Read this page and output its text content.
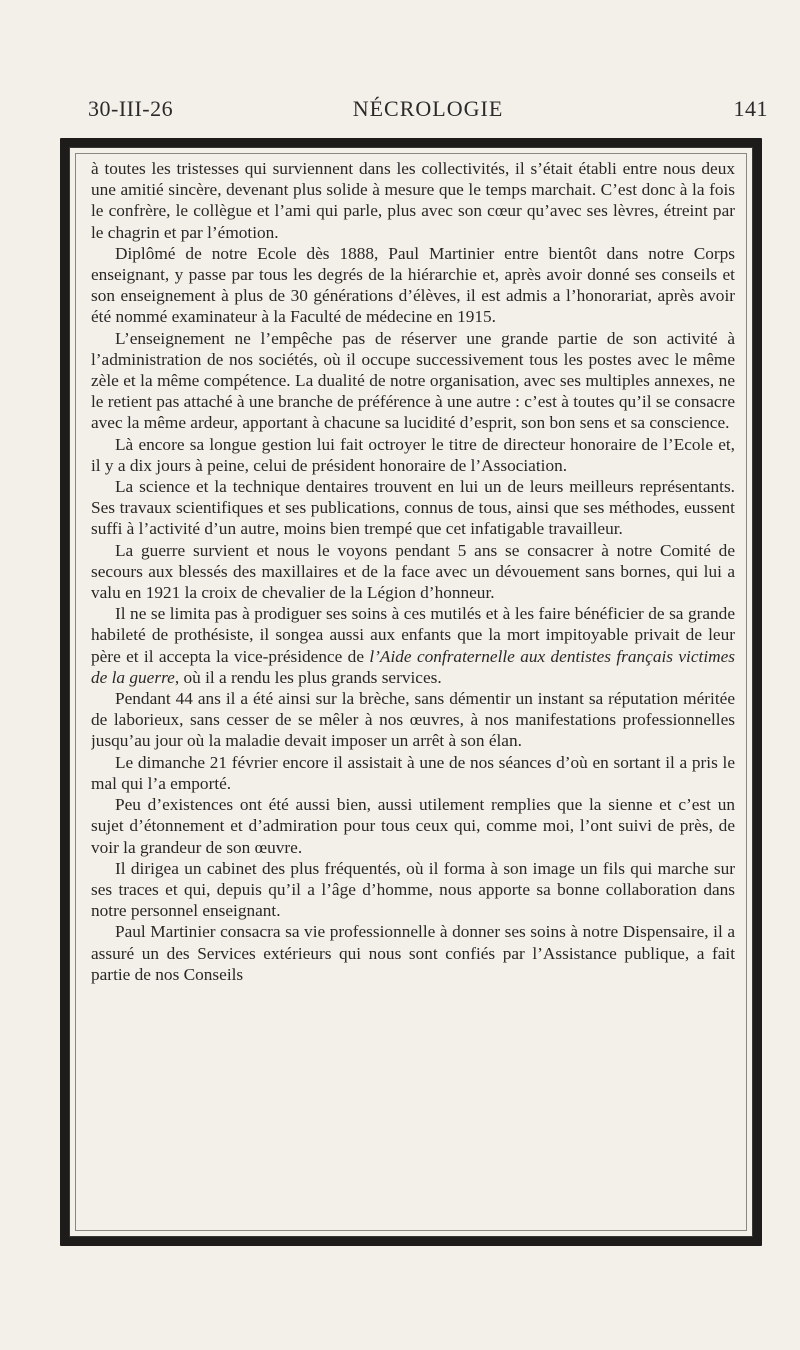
30-III-26	NÉCROLOGIE	141

à toutes les tristesses qui surviennent dans les collectivités, il s’était établi entre nous deux une amitié sincère, devenant plus solide à mesure que le temps marchait. C’est donc à la fois le confrère, le collègue et l’ami qui parle, plus avec son cœur qu’avec ses lèvres, étreint par le chagrin et par l’émotion.

Diplômé de notre Ecole dès 1888, Paul Martinier entre bientôt dans notre Corps enseignant, y passe par tous les degrés de la hiérarchie et, après avoir donné ses conseils et son enseignement à plus de 30 générations d’élèves, il est admis a l’honorariat, après avoir été nommé examinateur à la Faculté de médecine en 1915.

L’enseignement ne l’empêche pas de réserver une grande partie de son activité à l’administration de nos sociétés, où il occupe successivement tous les postes avec le même zèle et la même compétence. La dualité de notre organisation, avec ses multiples annexes, ne le retient pas attaché à une branche de préférence à une autre : c’est à toutes qu’il se consacre avec la même ardeur, apportant à chacune sa lucidité d’esprit, son bon sens et sa conscience.

Là encore sa longue gestion lui fait octroyer le titre de directeur honoraire de l’Ecole et, il y a dix jours à peine, celui de président honoraire de l’Association.

La science et la technique dentaires trouvent en lui un de leurs meilleurs représentants. Ses travaux scientifiques et ses publications, connus de tous, ainsi que ses méthodes, eussent suffi à l’activité d’un autre, moins bien trempé que cet infatigable travailleur.

La guerre survient et nous le voyons pendant 5 ans se consacrer à notre Comité de secours aux blessés des maxillaires et de la face avec un dévouement sans bornes, qui lui a valu en 1921 la croix de chevalier de la Légion d’honneur.

Il ne se limita pas à prodiguer ses soins à ces mutilés et à les faire bénéficier de sa grande habileté de prothésiste, il songea aussi aux enfants que la mort impitoyable privait de leur père et il accepta la vice-présidence de l’Aide confraternelle aux dentistes français victimes de la guerre, où il a rendu les plus grands services.

Pendant 44 ans il a été ainsi sur la brèche, sans démentir un instant sa réputation méritée de laborieux, sans cesser de se mêler à nos œuvres, à nos manifestations professionnelles jusqu’au jour où la maladie devait imposer un arrêt à son élan.

Le dimanche 21 février encore il assistait à une de nos séances d’où en sortant il a pris le mal qui l’a emporté.

Peu d’existences ont été aussi bien, aussi utilement remplies que la sienne et c’est un sujet d’étonnement et d’admiration pour tous ceux qui, comme moi, l’ont suivi de près, de voir la grandeur de son œuvre.

Il dirigea un cabinet des plus fréquentés, où il forma à son image un fils qui marche sur ses traces et qui, depuis qu’il a l’âge d’homme, nous apporte sa bonne collaboration dans notre personnel enseignant.

Paul Martinier consacra sa vie professionnelle à donner ses soins à notre Dispensaire, il a assuré un des Services extérieurs qui nous sont confiés par l’Assistance publique, a fait partie de nos Conseils
